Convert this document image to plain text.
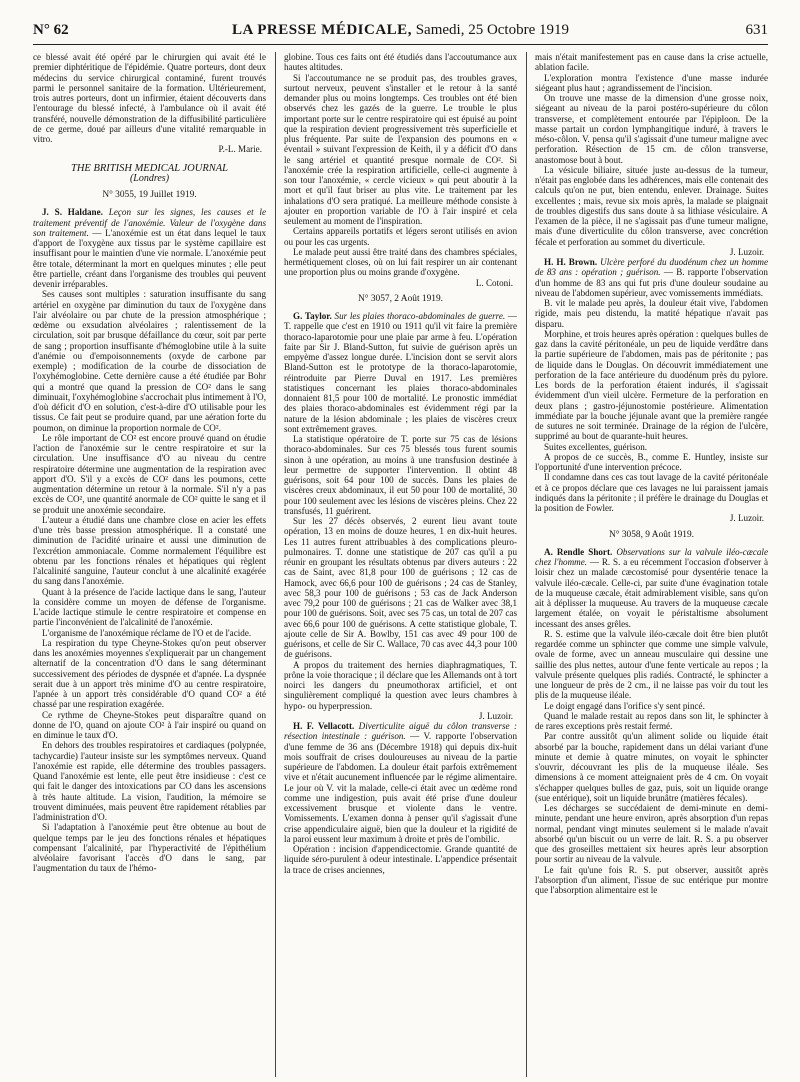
N° 62	LA PRESSE MÉDICALE, Samedi, 25 Octobre 1919	631

ce blessé avait été opéré par le chirurgien qui avait été le premier diphtéritique de l'épidémie. Quatre porteurs, dont deux médecins du service chirurgical contaminé, furent trouvés parmi le personnel sanitaire de la formation. Ultérieurement, trois autres porteurs, dont un infirmier, étaient découverts dans l'entourage du blessé infecté, à l'ambulance où il avait été transféré, nouvelle démonstration de la diffusibilité particulière de ce germe, doué par ailleurs d'une vitalité remarquable in vitro.

P.-L. Marie.

THE BRITISH MEDICAL JOURNAL

(Londres)

N° 3055, 19 Juillet 1919.

J. S. Haldane. Leçon sur les signes, les causes et le traitement préventif de l'anoxémie. Valeur de l'oxygène dans son traitement. — L'anoxémie est un état dans lequel le taux d'apport de l'oxygène aux tissus par le système capillaire est insuffisant pour le maintien d'une vie normale. L'anoxémie peut être totale, déterminant la mort en quelques minutes ; elle peut être partielle, créant dans l'organisme des troubles qui peuvent devenir irréparables.

Ses causes sont multiples : saturation insuffisante du sang artériel en oxygène par diminution du taux de l'oxygène dans l'air alvéolaire ou par chute de la pression atmosphérique ; œdème ou exsudation alvéolaires ; ralentissement de la circulation, soit par brusque défaillance du cœur, soit par perte de sang ; proportion insuffisante d'hémoglobine utile à la suite d'anémie ou d'empoisonnements (oxyde de carbone par exemple) ; modification de la courbe de dissociation de l'oxyhémoglobine. Cette dernière cause a été étudiée par Bohr qui a montré que quand la pression de CO² dans le sang diminuait, l'oxyhémoglobine s'accrochait plus intimement à l'O, d'où déficit d'O en solution, c'est-à-dire d'O utilisable pour les tissus. Ce fait peut se produire quand, par une aération forte du poumon, on diminue la proportion normale de CO².

Le rôle important de CO² est encore prouvé quand on étudie l'action de l'anoxémie sur le centre respiratoire et sur la circulation. Une insuffisance d'O au niveau du centre respiratoire détermine une augmentation de la respiration avec apport d'O. S'il y a excès de CO² dans les poumons, cette augmentation détermine un retour à la normale. S'il n'y a pas excès de CO², une quantité anormale de CO² quitte le sang et il se produit une anoxémie secondaire.

L'auteur a étudié dans une chambre close en acier les effets d'une très basse pression atmosphérique. Il a constaté une diminution de l'acidité urinaire et aussi une diminution de l'excrétion ammoniacale. Comme normalement l'équilibre est obtenu par les fonctions rénales et hépatiques qui règlent l'alcalinité sanguine, l'auteur conclut à une alcalinité exagérée du sang dans l'anoxémie.

Quant à la présence de l'acide lactique dans le sang, l'auteur la considère comme un moyen de défense de l'organisme. L'acide lactique stimule le centre respiratoire et compense en partie l'inconvénient de l'alcalinité de l'anoxémie.

L'organisme de l'anoxémique réclame de l'O et de l'acide.

La respiration du type Cheyne-Stokes qu'on peut observer dans les anoxémies moyennes s'expliquerait par un changement alternatif de la concentration d'O dans le sang déterminant successivement des périodes de dyspnée et d'apnée. La dyspnée serait due à un apport très minime d'O au centre respiratoire, l'apnée à un apport très considérable d'O quand CO² a été chassé par une respiration exagérée.

Ce rythme de Cheyne-Stokes peut disparaître quand on donne de l'O, quand on ajoute CO² à l'air inspiré ou quand on en diminue le taux d'O.

En dehors des troubles respiratoires et cardiaques (polypnée, tachycardie) l'auteur insiste sur les symptômes nerveux. Quand l'anoxémie est rapide, elle détermine des troubles passagers. Quand l'anoxémie est lente, elle peut être insidieuse : c'est ce qui fait le danger des intoxications par CO dans les ascensions à très haute altitude. La vision, l'audition, la mémoire se trouvent diminuées, mais peuvent être rapidement rétablies par l'administration d'O.

Si l'adaptation à l'anoxémie peut être obtenue au bout de quelque temps par le jeu des fonctions rénales et hépatiques compensant l'alcalinité, par l'hyperactivité de l'épithélium alvéolaire favorisant l'accès d'O dans le sang, par l'augmentation du taux de l'hémo-

globine. Tous ces faits ont été étudiés dans l'accoutumance aux hautes altitudes.

Si l'accoutumance ne se produit pas, des troubles graves, surtout nerveux, peuvent s'installer et le retour à la santé demander plus ou moins longtemps. Ces troubles ont été bien observés chez les gazés de la guerre. Le trouble le plus important porte sur le centre respiratoire qui est épuisé au point que la respiration devient progressivement très superficielle et plus fréquente. Par suite de l'expansion des poumons en « éventail » suivant l'expression de Keith, il y a déficit d'O dans le sang artériel et quantité presque normale de CO². Si l'anoxémie crée la respiration artificielle, celle-ci augmente à son tour l'anoxémie, « cercle vicieux » qui peut aboutir à la mort et qu'il faut briser au plus vite. Le traitement par les inhalations d'O sera pratiqué. La meilleure méthode consiste à ajouter en proportion variable de l'O à l'air inspiré et cela seulement au moment de l'inspiration.

Certains appareils portatifs et légers seront utilisés en avion ou pour les cas urgents.

Le malade peut aussi être traité dans des chambres spéciales, hermétiquement closes, où on lui fait respirer un air contenant une proportion plus ou moins grande d'oxygène.

L. Cotoni.

N° 3057, 2 Août 1919.

G. Taylor. Sur les plaies thoraco-abdominales de guerre. — T. rappelle que c'est en 1910 ou 1911 qu'il vit faire la première thoraco-laparotomie pour une plaie par arme à feu. L'opération faite par Sir J. Bland-Sutton, fut suivie de guérison après un empyème d'assez longue durée. L'incision dont se servit alors Bland-Sutton est le prototype de la thoraco-laparotomie, réintroduite par Pierre Duval en 1917. Les premières statistiques concernant les plaies thoraco-abdominales donnaient 81,5 pour 100 de mortalité. Le pronostic immédiat des plaies thoraco-abdominales est évidemment régi par la nature de la lésion abdominale ; les plaies de viscères creux sont extrêmement graves.

La statistique opératoire de T. porte sur 75 cas de lésions thoraco-abdominales. Sur ces 75 blessés tous furent soumis sinon à une opération, au moins à une transfusion destinée à leur permettre de supporter l'intervention. Il obtint 48 guérisons, soit 64 pour 100 de succès. Dans les plaies de viscères creux abdominaux, il eut 50 pour 100 de mortalité, 30 pour 100 seulement avec les lésions de viscères pleins. Chez 22 transfusés, 11 guérirent.

Sur les 27 décès observés, 2 eurent lieu avant toute opération, 13 en moins de douze heures, 1 en dix-huit heures. Les 11 autres furent attribuables à des complications pleuro-pulmonaires. T. donne une statistique de 207 cas qu'il a pu réunir en groupant les résultats obtenus par divers auteurs : 22 cas de Saint, avec 81,8 pour 100 de guérisons ; 12 cas de Hamock, avec 66,6 pour 100 de guérisons ; 24 cas de Stanley, avec 58,3 pour 100 de guérisons ; 53 cas de Jack Anderson avec 79,2 pour 100 de guérisons ; 21 cas de Walker avec 38,1 pour 100 de guérisons. Soit, avec ses 75 cas, un total de 207 cas avec 66,6 pour 100 de guérisons. A cette statistique globale, T. ajoute celle de Sir A. Bowlby, 151 cas avec 49 pour 100 de guérisons, et celle de Sir C. Wallace, 70 cas avec 44,3 pour 100 de guérisons.

A propos du traitement des hernies diaphragmatiques, T. prône la voie thoracique ; il déclare que les Allemands ont à tort noirci les dangers du pneumothorax artificiel, et ont singulièrement compliqué la question avec leurs chambres à hypo- ou hyperpression.

J. Luzoir.

H. F. Vellacott. Diverticulite aiguë du côlon transverse : résection intestinale : guérison. — V. rapporte l'observation d'une femme de 36 ans (Décembre 1918) qui depuis dix-huit mois souffrait de crises douloureuses au niveau de la partie supérieure de l'abdomen. La douleur était parfois extrêmement vive et n'était aucunement influencée par le régime alimentaire. Le jour où V. vit la malade, celle-ci était avec un œdème rond comme une indigestion, puis avait été prise d'une douleur excessivement brusque et violente dans le ventre. Vomissements. L'examen donna à penser qu'il s'agissait d'une crise appendiculaire aiguë, bien que la douleur et la rigidité de la paroi eussent leur maximum à droite et près de l'ombilic.

Opération : incision d'appendicectomie. Grande quantité de liquide séro-purulent à odeur intestinale. L'appendice présentait la trace de crises anciennes,

mais n'était manifestement pas en cause dans la crise actuelle, ablation facile.

L'exploration montra l'existence d'une masse indurée siégeant plus haut ; agrandissement de l'incision.

On trouve une masse de la dimension d'une grosse noix, siégeant au niveau de la paroi postéro-supérieure du côlon transverse, et complètement entourée par l'épiploon. De la masse partait un cordon lymphangitique induré, à travers le méso-côlon. V. pensa qu'il s'agissait d'une tumeur maligne avec perforation. Résection de 15 cm. de côlon transverse, anastomose bout à bout.

La vésicule biliaire, située juste au-dessus de la tumeur, n'était pas englobée dans les adhérences, mais elle contenait des calculs qu'on ne put, bien entendu, enlever. Drainage. Suites excellentes ; mais, revue six mois après, la malade se plaignait de troubles digestifs dus sans doute à sa lithiase vésiculaire. A l'examen de la pièce, il ne s'agissait pas d'une tumeur maligne, mais d'une diverticulite du côlon transverse, avec concrétion fécale et perforation au sommet du diverticule.

J. Luzoir.

H. H. Brown. Ulcère perforé du duodénum chez un homme de 83 ans : opération ; guérison. — B. rapporte l'observation d'un homme de 83 ans qui fut pris d'une douleur soudaine au niveau de l'abdomen supérieur, avec vomissements immédiats.

B. vit le malade peu après, la douleur était vive, l'abdomen rigide, mais peu distendu, la matité hépatique n'avait pas disparu.

Morphine, et trois heures après opération : quelques bulles de gaz dans la cavité péritonéale, un peu de liquide verdâtre dans la partie supérieure de l'abdomen, mais pas de péritonite ; pas de liquide dans le Douglas. On découvrit immédiatement une perforation de la face antérieure du duodénum près du pylore. Les bords de la perforation étaient indurés, il s'agissait évidemment d'un vieil ulcère. Fermeture de la perforation en deux plans ; gastro-jéjunostomie postérieure. Alimentation immédiate par la bouche jéjunale avant que la première rangée de sutures ne soit terminée. Drainage de la région de l'ulcère, supprimé au bout de quarante-huit heures.

Suites excellentes, guérison.

A propos de ce succès, B., comme E. Huntley, insiste sur l'opportunité d'une intervention précoce.

Il condamne dans ces cas tout lavage de la cavité péritonéale et à ce propos déclare que ces lavages ne lui paraissent jamais indiqués dans la péritonite ; il préfère le drainage du Douglas et la position de Fowler.

J. Luzoir.

N° 3058, 9 Août 1919.

A. Rendle Short. Observations sur la valvule iléo-cæcale chez l'homme. — R. S. a eu récemment l'occasion d'observer à loisir chez un malade cæcostomisé pour dysentérie tenace la valvule iléo-cæcale. Celle-ci, par suite d'une évagination totale de la muqueuse cæcale, était admirablement visible, sans qu'on ait à déplisser la muqueuse. Au travers de la muqueuse cæcale largement étalée, on voyait le péristaltisme absolument incessant des anses grêles.

R. S. estime que la valvule iléo-cæcale doit être bien plutôt regardée comme un sphincter que comme une simple valvule, ovale de forme, avec un anneau musculaire qui dessine une saillie des plus nettes, autour d'une fente verticale au repos ; la valvule présente quelques plis radiés. Contracté, le sphincter a une longueur de près de 2 cm., il ne laisse pas voir du tout les plis de la muqueuse iléale.

Le doigt engagé dans l'orifice s'y sent pincé.

Quand le malade restait au repos dans son lit, le sphincter à de rares exceptions près restait fermé.

Par contre aussitôt qu'un aliment solide ou liquide était absorbé par la bouche, rapidement dans un délai variant d'une minute et demie à quatre minutes, on voyait le sphincter s'ouvrir, découvrant les plis de la muqueuse iléale. Ses dimensions à ce moment atteignaient près de 4 cm. On voyait s'échapper quelques bulles de gaz, puis, soit un liquide orange (sue entérique), soit un liquide brunâtre (matières fécales).

Les décharges se succédaient de demi-minute en demi-minute, pendant une heure environ, après absorption d'un repas normal, pendant vingt minutes seulement si le malade n'avait absorbé qu'un biscuit ou un verre de lait. R. S. a pu observer que des groseilles mettaient six heures après leur absorption pour sortir au niveau de la valvule.

Le fait qu'une fois R. S. put observer, aussitôt après l'absorption d'un aliment, l'issue de suc entérique pur montre que l'absorption alimentaire est le
